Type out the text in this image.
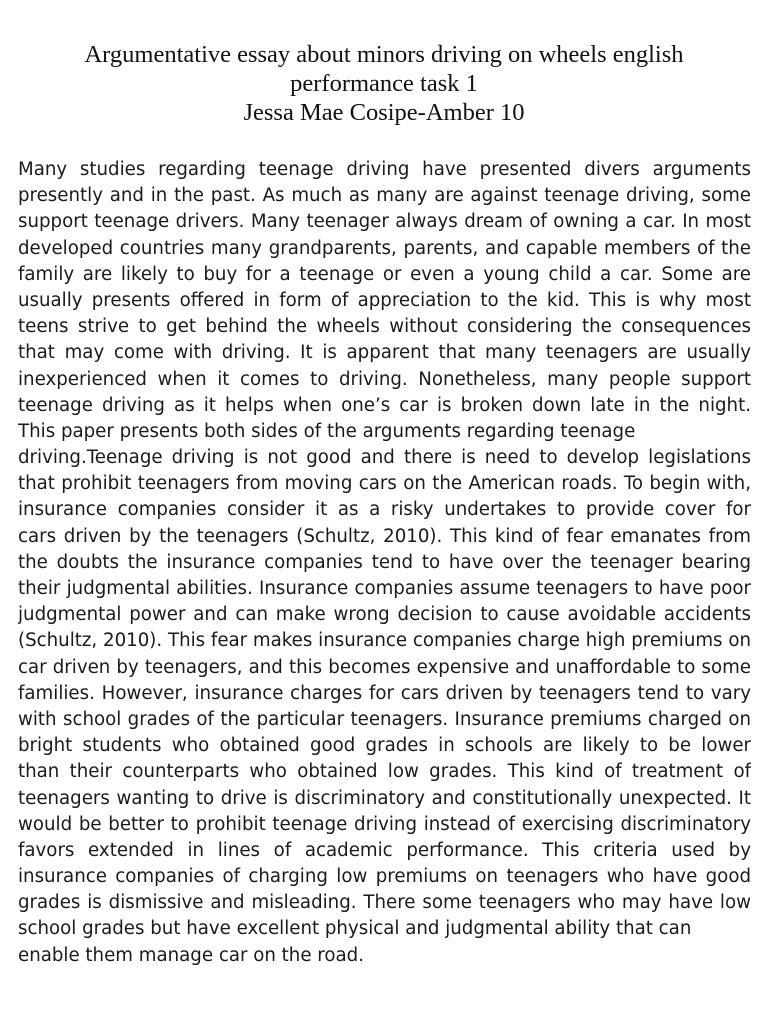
Argumentative essay about minors driving on wheels english
performance task 1
Jessa Mae Cosipe-Amber 10
Many studies regarding teenage driving have presented divers arguments
presently and in the past. As much as many are against teenage driving, some
support teenage drivers. Many teenager always dream of owning a car. In most
developed countries many grandparents, parents, and capable members of the
family are likely to buy for a teenage or even a young child a car. Some are
usually presents offered in form of appreciation to the kid. This is why most
teens strive to get behind the wheels without considering the consequences
that may come with driving. It is apparent that many teenagers are usually
inexperienced when it comes to driving. Nonetheless, many people support
teenage driving as it helps when one’s car is broken down late in the night.
This paper presents both sides of the arguments regarding teenage
driving.Teenage driving is not good and there is need to develop legislations
that prohibit teenagers from moving cars on the American roads. To begin with,
insurance companies consider it as a risky undertakes to provide cover for
cars driven by the teenagers (Schultz, 2010). This kind of fear emanates from
the doubts the insurance companies tend to have over the teenager bearing
their judgmental abilities. Insurance companies assume teenagers to have poor
judgmental power and can make wrong decision to cause avoidable accidents
(Schultz, 2010). This fear makes insurance companies charge high premiums on
car driven by teenagers, and this becomes expensive and unaffordable to some
families. However, insurance charges for cars driven by teenagers tend to vary
with school grades of the particular teenagers. Insurance premiums charged on
bright students who obtained good grades in schools are likely to be lower
than their counterparts who obtained low grades. This kind of treatment of
teenagers wanting to drive is discriminatory and constitutionally unexpected. It
would be better to prohibit teenage driving instead of exercising discriminatory
favors extended in lines of academic performance. This criteria used by
insurance companies of charging low premiums on teenagers who have good
grades is dismissive and misleading. There some teenagers who may have low
school grades but have excellent physical and judgmental ability that can
enable them manage car on the road.
